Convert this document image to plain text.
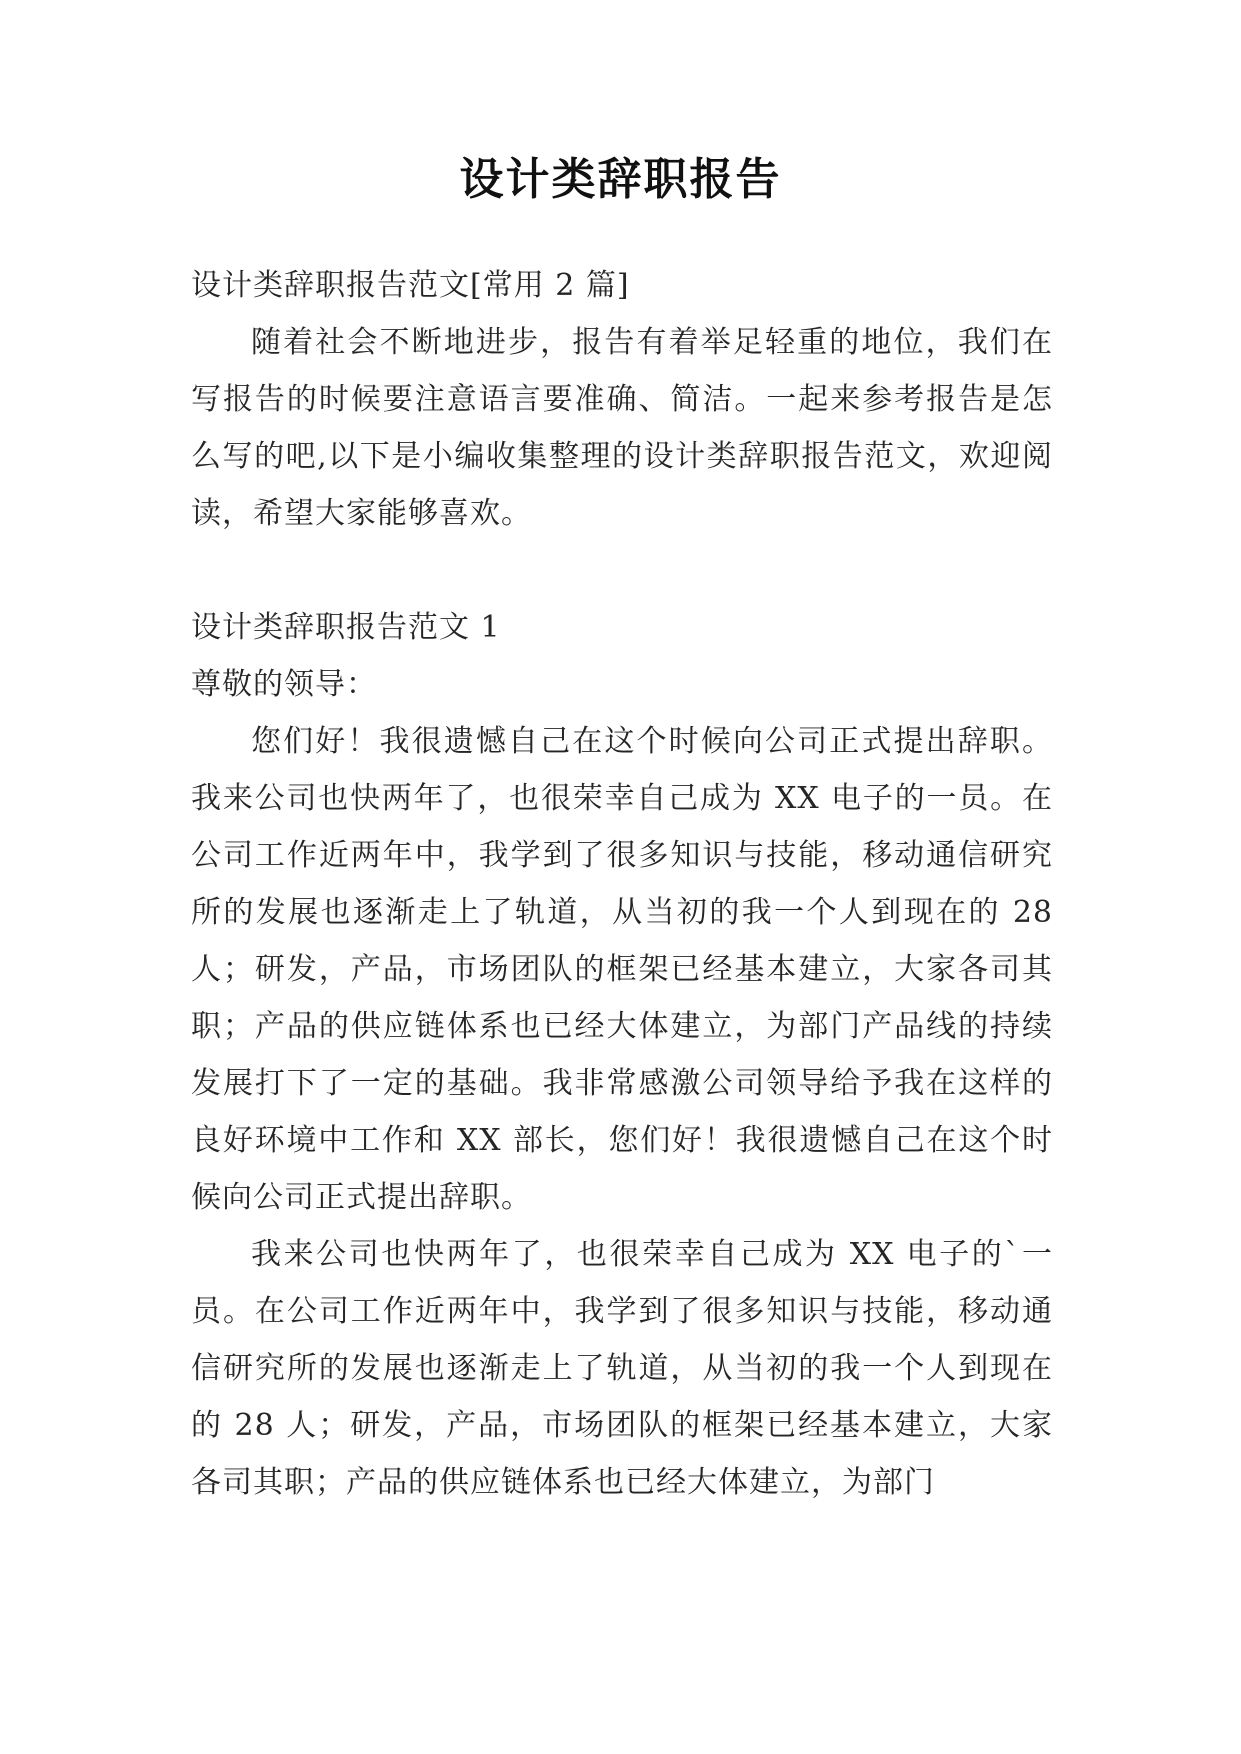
设计类辞职报告

设计类辞职报告范文[常用 2 篇]

随着社会不断地进步，报告有着举足轻重的地位，我们在写报告的时候要注意语言要准确、简洁。一起来参考报告是怎么写的吧,以下是小编收集整理的设计类辞职报告范文，欢迎阅读，希望大家能够喜欢。

设计类辞职报告范文 1

尊敬的领导：

您们好！我很遗憾自己在这个时候向公司正式提出辞职。我来公司也快两年了，也很荣幸自己成为 XX 电子的一员。在公司工作近两年中，我学到了很多知识与技能，移动通信研究所的发展也逐渐走上了轨道，从当初的我一个人到现在的 28 人；研发，产品，市场团队的框架已经基本建立，大家各司其职；产品的供应链体系也已经大体建立，为部门产品线的持续发展打下了一定的基础。我非常感激公司领导给予我在这样的良好环境中工作和 XX 部长，您们好！我很遗憾自己在这个时候向公司正式提出辞职。

我来公司也快两年了，也很荣幸自己成为 XX 电子的`一员。在公司工作近两年中，我学到了很多知识与技能，移动通信研究所的发展也逐渐走上了轨道，从当初的我一个人到现在的 28 人；研发，产品，市场团队的框架已经基本建立，大家各司其职；产品的供应链体系也已经大体建立，为部门
